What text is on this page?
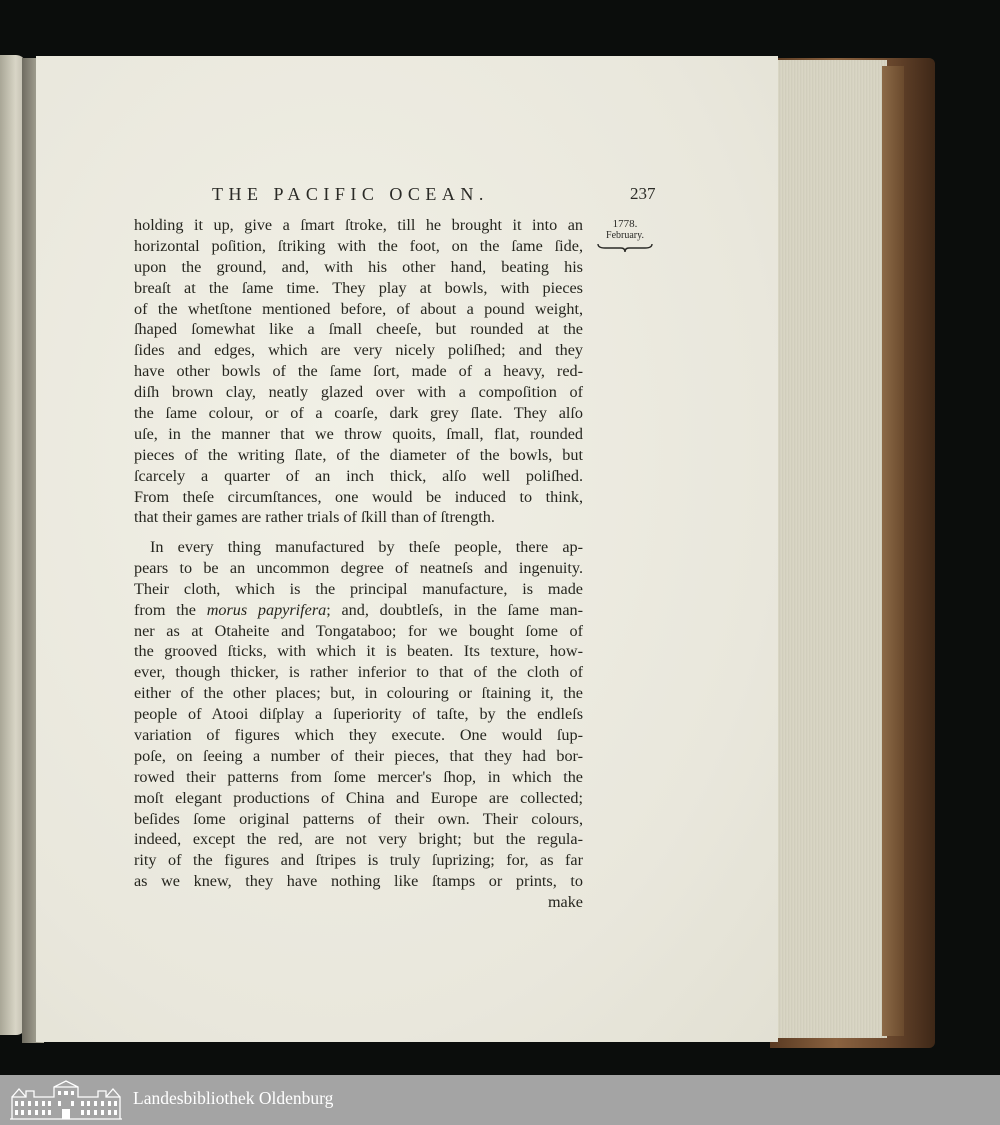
THE PACIFIC OCEAN.	237
1778.
February.
holding it up, give a ſmart ſtroke, till he brought it into an
horizontal poſition, ſtriking with the foot, on the ſame ſide,
upon the ground, and, with his other hand, beating his
breaſt at the ſame time. They play at bowls, with pieces
of the whetſtone mentioned before, of about a pound weight,
ſhaped ſomewhat like a ſmall cheeſe, but rounded at the
ſides and edges, which are very nicely poliſhed; and they
have other bowls of the ſame ſort, made of a heavy, red-
diſh brown clay, neatly glazed over with a compoſition of
the ſame colour, or of a coarſe, dark grey ſlate. They alſo
uſe, in the manner that we throw quoits, ſmall, flat, rounded
pieces of the writing ſlate, of the diameter of the bowls, but
ſcarcely a quarter of an inch thick, alſo well poliſhed.
From theſe circumſtances, one would be induced to think,
that their games are rather trials of ſkill than of ſtrength.
In every thing manufactured by theſe people, there ap-
pears to be an uncommon degree of neatneſs and ingenuity.
Their cloth, which is the principal manufacture, is made
from the morus papyrifera; and, doubtleſs, in the ſame man-
ner as at Otaheite and Tongataboo; for we bought ſome of
the grooved ſticks, with which it is beaten. Its texture, how-
ever, though thicker, is rather inferior to that of the cloth of
either of the other places; but, in colouring or ſtaining it, the
people of Atooi diſplay a ſuperiority of taſte, by the endleſs
variation of figures which they execute. One would ſup-
poſe, on ſeeing a number of their pieces, that they had bor-
rowed their patterns from ſome mercer's ſhop, in which the
moſt elegant productions of China and Europe are collected;
beſides ſome original patterns of their own. Their colours,
indeed, except the red, are not very bright; but the regula-
rity of the figures and ſtripes is truly ſuprizing; for, as far
as we knew, they have nothing like ſtamps or prints, to
make
Landesbibliothek Oldenburg
